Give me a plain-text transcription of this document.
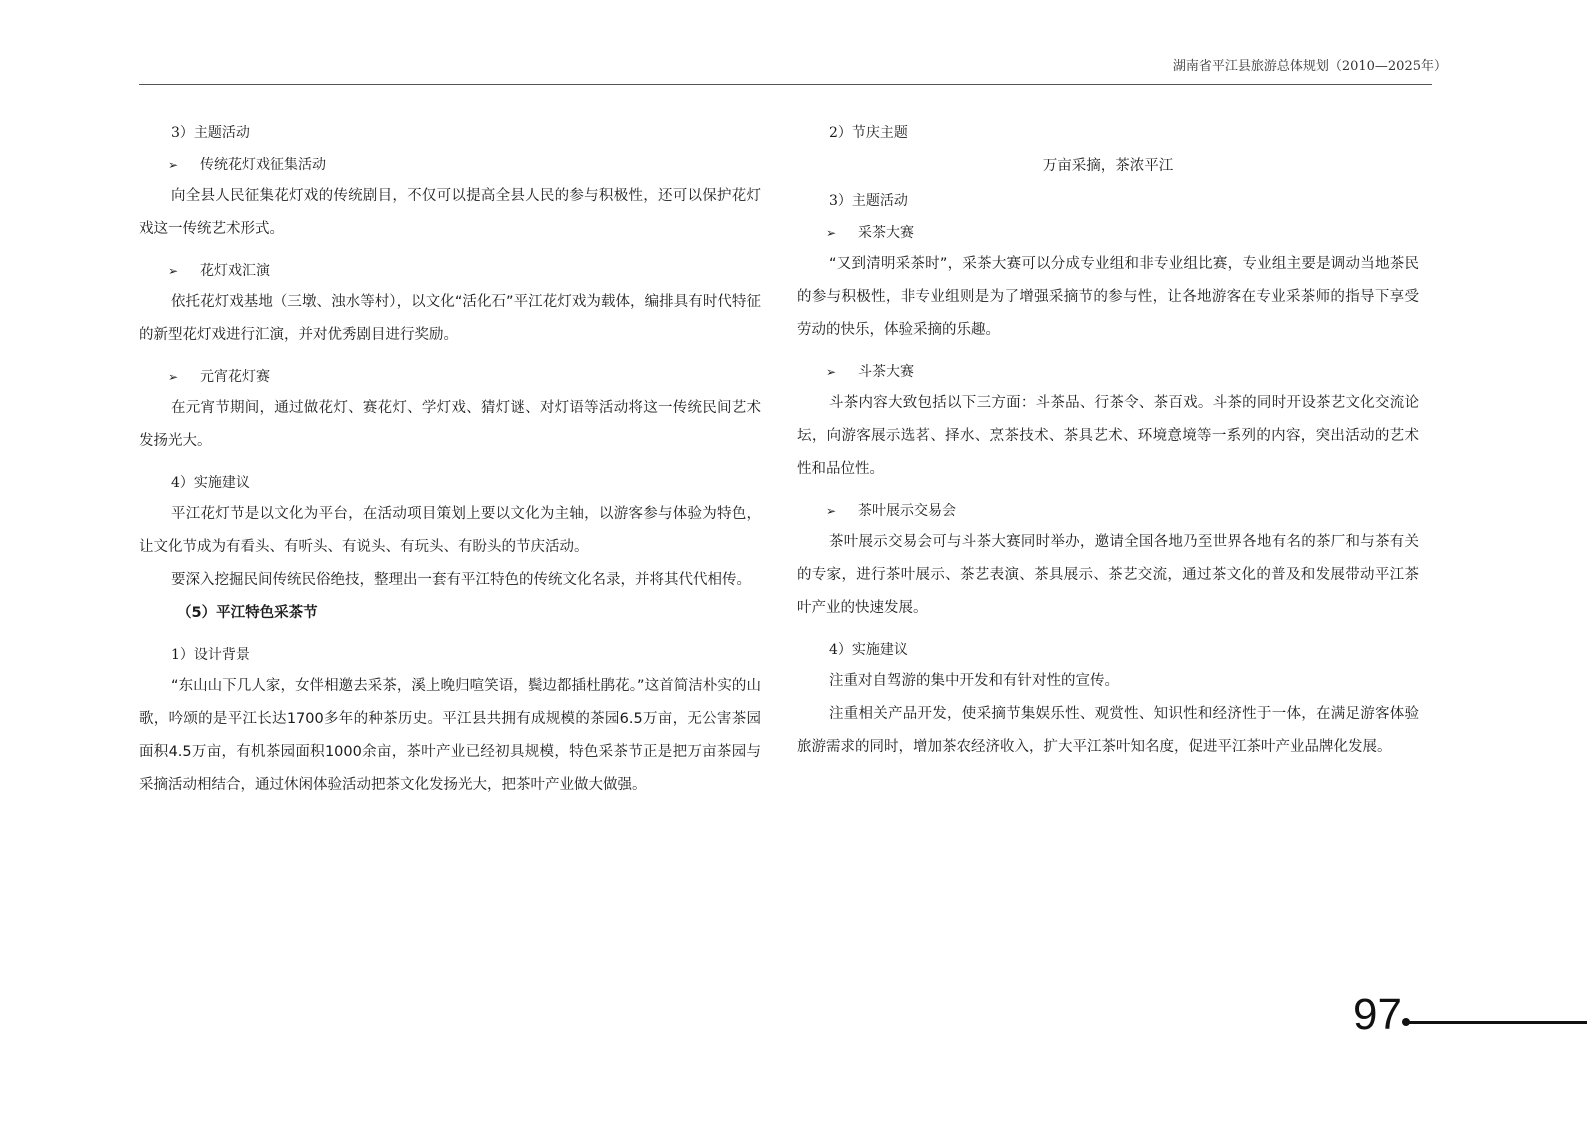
湖南省平江县旅游总体规划（2010—2025年）

3）主题活动

➢ 传统花灯戏征集活动

向全县人民征集花灯戏的传统剧目，不仅可以提高全县人民的参与积极性，还可以保护花灯戏这一传统艺术形式。

➢ 花灯戏汇演

依托花灯戏基地（三墩、浊水等村），以文化“活化石”平江花灯戏为载体，编排具有时代特征的新型花灯戏进行汇演，并对优秀剧目进行奖励。

➢ 元宵花灯赛

在元宵节期间，通过做花灯、赛花灯、学灯戏、猜灯谜、对灯语等活动将这一传统民间艺术发扬光大。

4）实施建议

平江花灯节是以文化为平台，在活动项目策划上要以文化为主轴，以游客参与体验为特色，让文化节成为有看头、有听头、有说头、有玩头、有盼头的节庆活动。

要深入挖掘民间传统民俗绝技，整理出一套有平江特色的传统文化名录，并将其代代相传。

（5）平江特色采茶节

1）设计背景

“东山山下几人家，女伴相邀去采茶，溪上晚归喧笑语，鬓边都插杜鹃花。”这首简洁朴实的山歌，吟颂的是平江长达1700多年的种茶历史。平江县共拥有成规模的茶园6.5万亩，无公害茶园面积4.5万亩，有机茶园面积1000余亩，茶叶产业已经初具规模，特色采茶节正是把万亩茶园与采摘活动相结合，通过休闲体验活动把茶文化发扬光大，把茶叶产业做大做强。

2）节庆主题

万亩采摘，茶浓平江

3）主题活动

➢ 采茶大赛

“又到清明采茶时”，采茶大赛可以分成专业组和非专业组比赛，专业组主要是调动当地茶民的参与积极性，非专业组则是为了增强采摘节的参与性，让各地游客在专业采茶师的指导下享受劳动的快乐，体验采摘的乐趣。

➢ 斗茶大赛

斗茶内容大致包括以下三方面：斗茶品、行茶令、茶百戏。斗茶的同时开设茶艺文化交流论坛，向游客展示选茗、择水、烹茶技术、茶具艺术、环境意境等一系列的内容，突出活动的艺术性和品位性。

➢ 茶叶展示交易会

茶叶展示交易会可与斗茶大赛同时举办，邀请全国各地乃至世界各地有名的茶厂和与茶有关的专家，进行茶叶展示、茶艺表演、茶具展示、茶艺交流，通过茶文化的普及和发展带动平江茶叶产业的快速发展。

4）实施建议

注重对自驾游的集中开发和有针对性的宣传。

注重相关产品开发，使采摘节集娱乐性、观赏性、知识性和经济性于一体，在满足游客体验旅游需求的同时，增加茶农经济收入，扩大平江茶叶知名度，促进平江茶叶产业品牌化发展。

97
